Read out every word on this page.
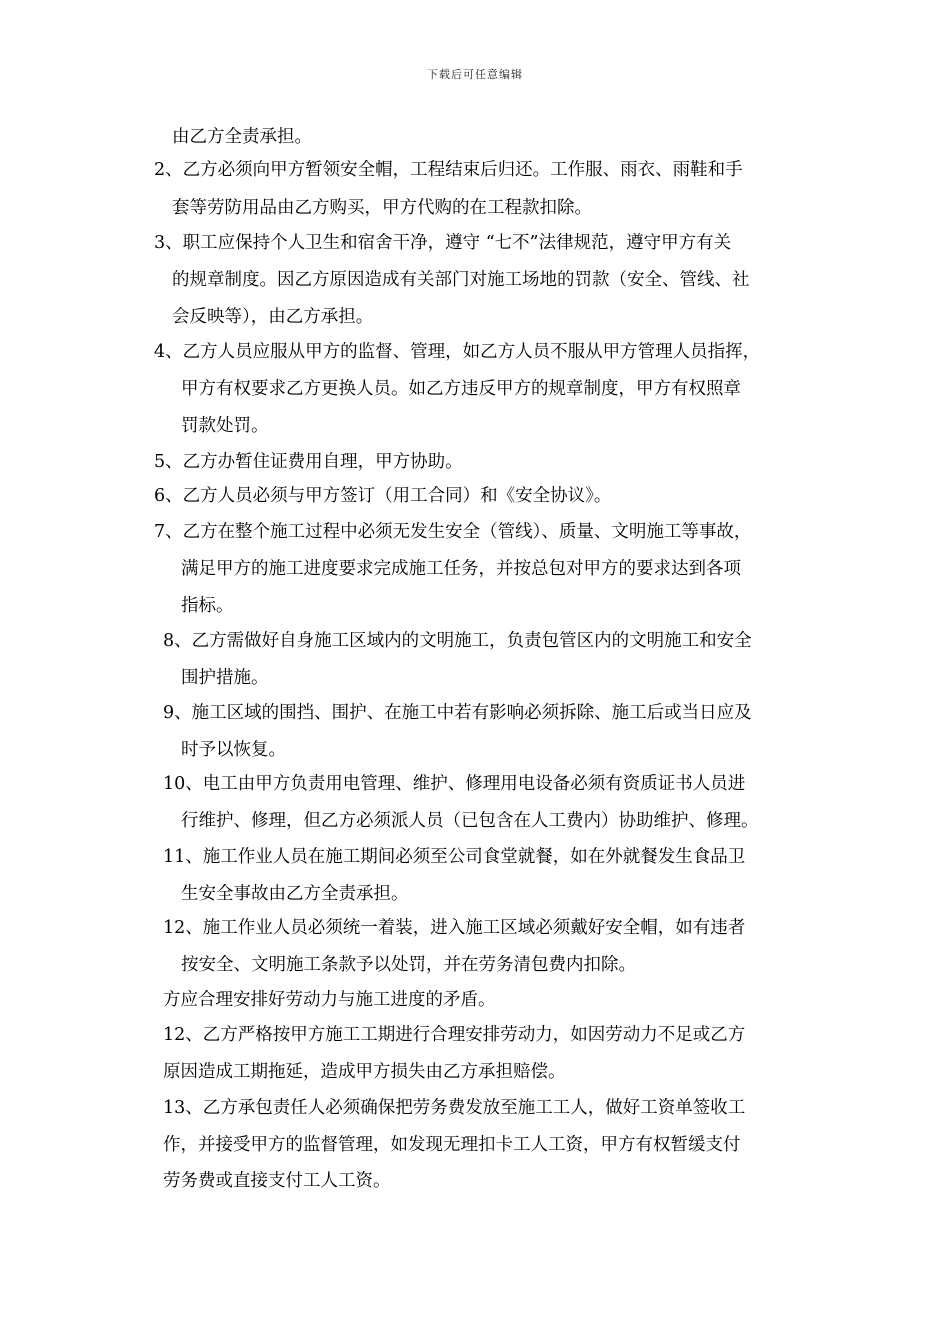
下载后可任意编辑
由乙方全责承担。
2、乙方必须向甲方暂领安全帽，工程结束后归还。工作服、雨衣、雨鞋和手
套等劳防用品由乙方购买，甲方代购的在工程款扣除。
3、职工应保持个人卫生和宿舍干净，遵守 “七不”法律规范，遵守甲方有关
的规章制度。因乙方原因造成有关部门对施工场地的罚款（安全、管线、社
会反映等），由乙方承担。
4、乙方人员应服从甲方的监督、管理，如乙方人员不服从甲方管理人员指挥，
甲方有权要求乙方更换人员。如乙方违反甲方的规章制度，甲方有权照章
罚款处罚。
5、乙方办暂住证费用自理，甲方协助。
6、乙方人员必须与甲方签订（用工合同）和《安全协议》。
7、乙方在整个施工过程中必须无发生安全（管线）、质量、文明施工等事故，
满足甲方的施工进度要求完成施工任务，并按总包对甲方的要求达到各项
指标。
8、乙方需做好自身施工区域内的文明施工，负责包管区内的文明施工和安全
围护措施。
9、施工区域的围挡、围护、在施工中若有影响必须拆除、施工后或当日应及
时予以恢复。
10、电工由甲方负责用电管理、维护、修理用电设备必须有资质证书人员进
行维护、修理，但乙方必须派人员（已包含在人工费内）协助维护、修理。
11、施工作业人员在施工期间必须至公司食堂就餐，如在外就餐发生食品卫
生安全事故由乙方全责承担。
12、施工作业人员必须统一着装，进入施工区域必须戴好安全帽，如有违者
按安全、文明施工条款予以处罚，并在劳务清包费内扣除。
方应合理安排好劳动力与施工进度的矛盾。
12、乙方严格按甲方施工工期进行合理安排劳动力，如因劳动力不足或乙方
原因造成工期拖延，造成甲方损失由乙方承担赔偿。
13、乙方承包责任人必须确保把劳务费发放至施工工人，做好工资单签收工
作，并接受甲方的监督管理，如发现无理扣卡工人工资，甲方有权暂缓支付
劳务费或直接支付工人工资。
